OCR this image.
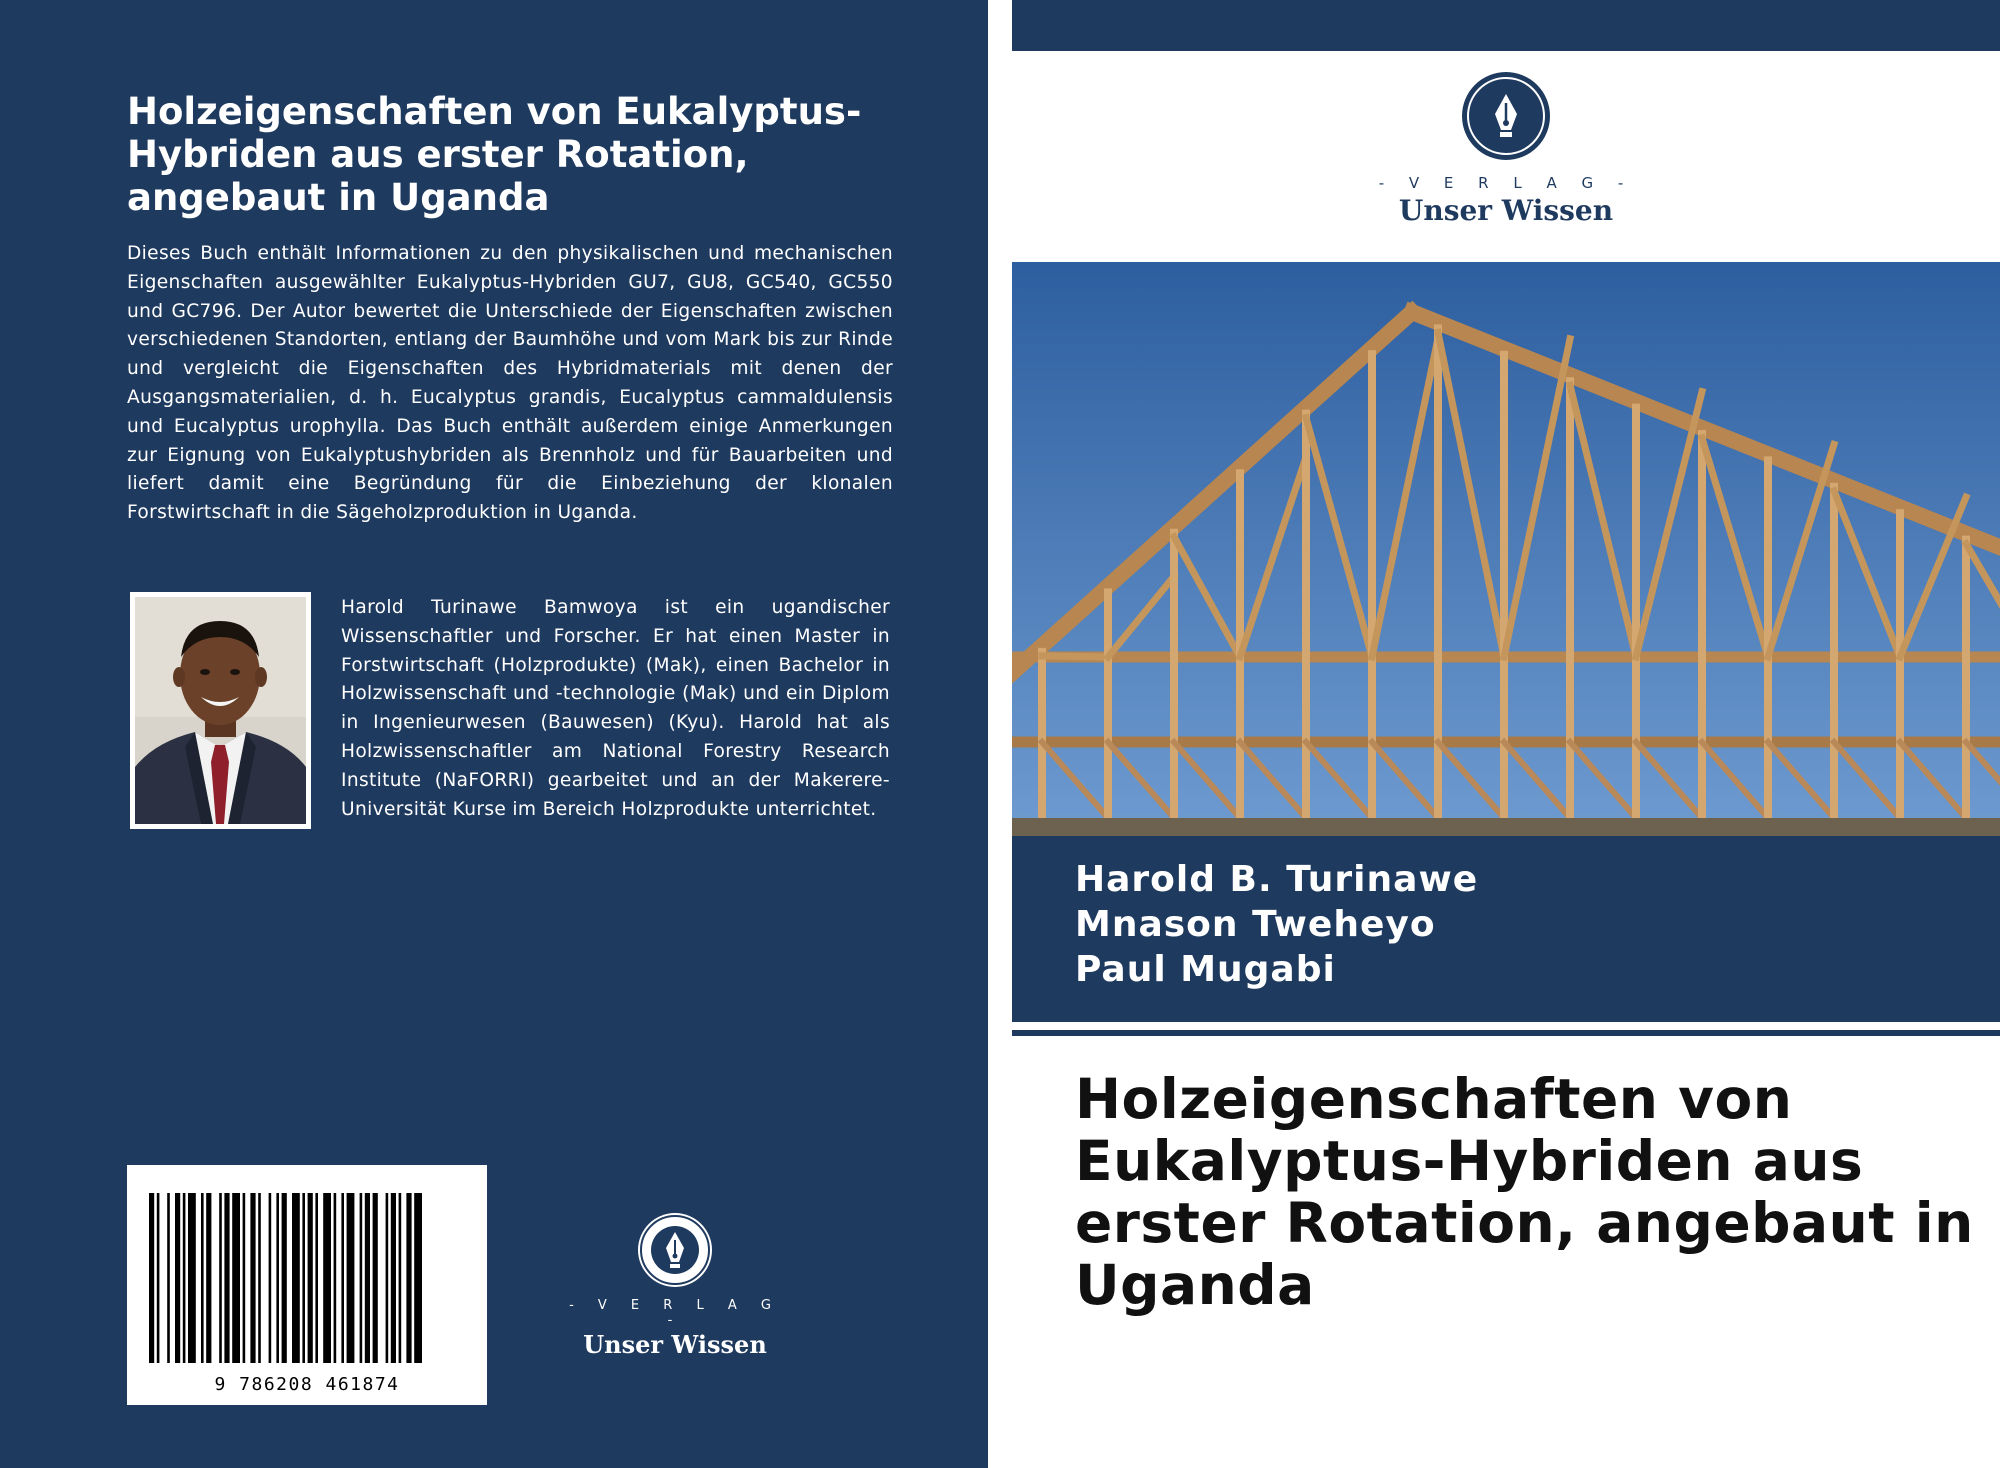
Holzeigenschaften von Eukalyptus-Hybriden aus erster Rotation, angebaut in Uganda

Dieses Buch enthält Informationen zu den physikalischen und mechanischen Eigenschaften ausgewählter Eukalyptus-Hybriden GU7, GU8, GC540, GC550 und GC796. Der Autor bewertet die Unterschiede der Eigenschaften zwischen verschiedenen Standorten, entlang der Baumhöhe und vom Mark bis zur Rinde und vergleicht die Eigenschaften des Hybridmaterials mit denen der Ausgangsmaterialien, d. h. Eucalyptus grandis, Eucalyptus cammaldulensis und Eucalyptus urophylla. Das Buch enthält außerdem einige Anmerkungen zur Eignung von Eukalyptushybriden als Brennholz und für Bauarbeiten und liefert damit eine Begründung für die Einbeziehung der klonalen Forstwirtschaft in die Sägeholzproduktion in Uganda.

Harold Turinawe Bamwoya ist ein ugandischer Wissenschaftler und Forscher. Er hat einen Master in Forstwirtschaft (Holzprodukte) (Mak), einen Bachelor in Holzwissenschaft und -technologie (Mak) und ein Diplom in Ingenieurwesen (Bauwesen) (Kyu). Harold hat als Holzwissenschaftler am National Forestry Research Institute (NaFORRI) gearbeitet und an der Makerere-Universität Kurse im Bereich Holzprodukte unterrichtet.

9 786208 461874
- V E R L A G -
Unser Wissen
- V E R L A G -
Unser Wissen

Harold B. Turinawe

Mnason Tweheyo

Paul Mugabi

Holzeigenschaften von Eukalyptus-Hybriden aus erster Rotation, angebaut in Uganda
